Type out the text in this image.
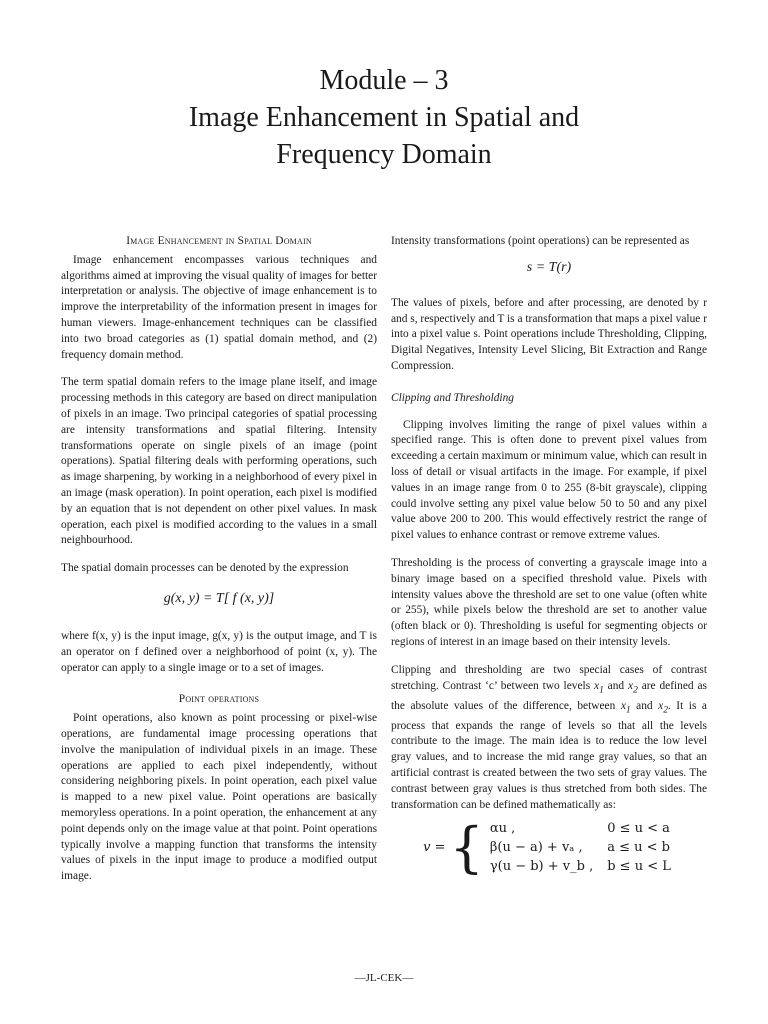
Module – 3
Image Enhancement in Spatial and
Frequency Domain
Image Enhancement in Spatial Domain

Image enhancement encompasses various techniques and algorithms aimed at improving the visual quality of images for better interpretation or analysis. The objective of image enhancement is to improve the interpretability of the information present in images for human viewers. Image-enhancement techniques can be classified into two broad categories as (1) spatial domain method, and (2) frequency domain method.

The term spatial domain refers to the image plane itself, and image processing methods in this category are based on direct manipulation of pixels in an image. Two principal categories of spatial processing are intensity transformations and spatial filtering. Intensity transformations operate on single pixels of an image (point operations). Spatial filtering deals with performing operations, such as image sharpening, by working in a neighborhood of every pixel in an image (mask operation). In point operation, each pixel is modified by an equation that is not dependent on other pixel values. In mask operation, each pixel is modified according to the values in a small neighbourhood.

The spatial domain processes can be denoted by the expression

g(x, y) = T[ f (x, y)]

where f(x, y) is the input image, g(x, y) is the output image, and T is an operator on f defined over a neighborhood of point (x, y). The operator can apply to a single image or to a set of images.

Point operations

Point operations, also known as point processing or pixel-wise operations, are fundamental image processing operations that involve the manipulation of individual pixels in an image. These operations are applied to each pixel independently, without considering neighboring pixels. In point operation, each pixel value is mapped to a new pixel value. Point operations are basically memoryless operations. In a point operation, the enhancement at any point depends only on the image value at that point. Point operations typically involve a mapping function that transforms the intensity values of pixels in the input image to produce a modified output image.

Intensity transformations (point operations) can be represented as

s = T(r)

The values of pixels, before and after processing, are denoted by r and s, respectively and T is a transformation that maps a pixel value r into a pixel value s. Point operations include Thresholding, Clipping, Digital Negatives, Intensity Level Slicing, Bit Extraction and Range Compression.

Clipping and Thresholding

Clipping involves limiting the range of pixel values within a specified range. This is often done to prevent pixel values from exceeding a certain maximum or minimum value, which can result in loss of detail or visual artifacts in the image. For example, if pixel values in an image range from 0 to 255 (8-bit grayscale), clipping could involve setting any pixel value below 50 to 50 and any pixel value above 200 to 200. This would effectively restrict the range of pixel values to enhance contrast or remove extreme values.

Thresholding is the process of converting a grayscale image into a binary image based on a specified threshold value. Pixels with intensity values above the threshold are set to one value (often white or 255), while pixels below the threshold are set to another value (often black or 0). Thresholding is useful for segmenting objects or regions of interest in an image based on their intensity levels.

Clipping and thresholding are two special cases of contrast stretching. Contrast ‘c’ between two levels $x_1$ and $x_2$ are defined as the absolute values of the difference, between $x_1$ and $x_2$. It is a process that expands the range of levels so that all the levels contribute to the image. The main idea is to reduce the low level gray values, and to increase the mid range gray values, so that an artificial contrast is created between the two sets of gray values. The contrast between gray values is thus stretched from both sides. The transformation can be defined mathematically as:

v = { αu ,	0 ≤ u < a
β(u − a) + vₐ ,	a ≤ u < b
γ(u − b) + v_b ,	b ≤ u < L
—JL-CEK—
